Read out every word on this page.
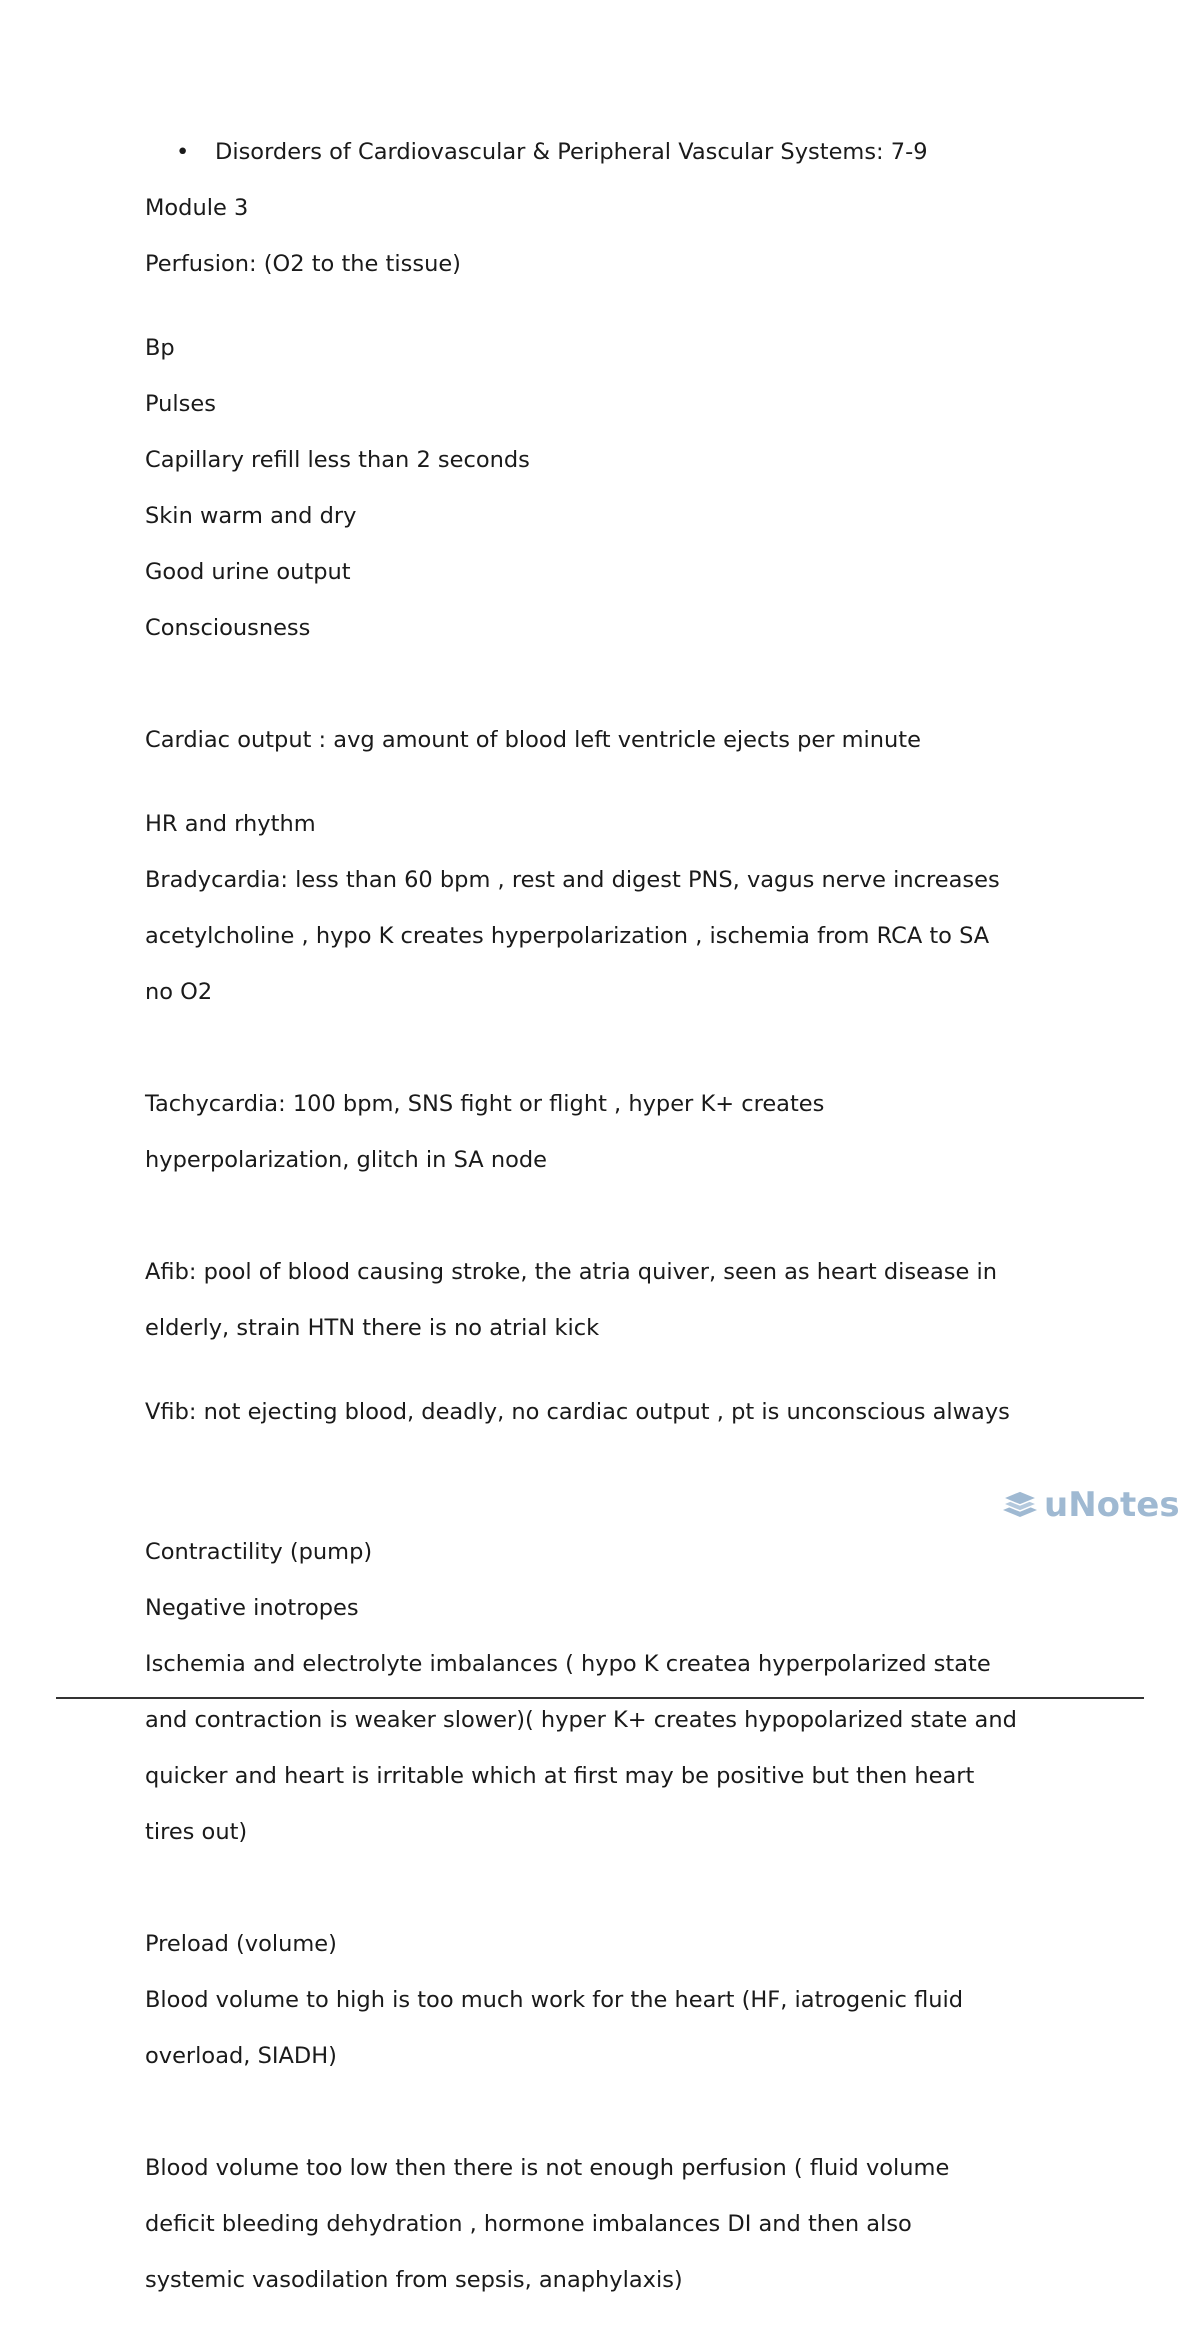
• Disorders of Cardiovascular & Peripheral Vascular Systems: 7-9

Module 3

Perfusion: (O2 to the tissue)

Bp

Pulses

Capillary refill less than 2 seconds

Skin warm and dry

Good urine output

Consciousness

Cardiac output : avg amount of blood left ventricle ejects per minute

HR and rhythm

Bradycardia: less than 60 bpm , rest and digest PNS, vagus nerve increases

acetylcholine , hypo K creates hyperpolarization , ischemia from RCA to SA

no O2

Tachycardia: 100 bpm, SNS fight or flight , hyper K+ creates

hyperpolarization, glitch in SA node

Afib: pool of blood causing stroke, the atria quiver, seen as heart disease in

elderly, strain HTN there is no atrial kick

Vfib: not ejecting blood, deadly, no cardiac output , pt is unconscious always

Contractility (pump)

Negative inotropes

Ischemia and electrolyte imbalances ( hypo K createa hyperpolarized state

and contraction is weaker slower)( hyper K+ creates hypopolarized state and

quicker and heart is irritable which at first may be positive but then heart

tires out)

Preload (volume)

Blood volume to high is too much work for the heart (HF, iatrogenic fluid

overload, SIADH)

Blood volume too low then there is not enough perfusion ( fluid volume

deficit bleeding dehydration , hormone imbalances DI and then also

systemic vasodilation from sepsis, anaphylaxis)

uNotes
